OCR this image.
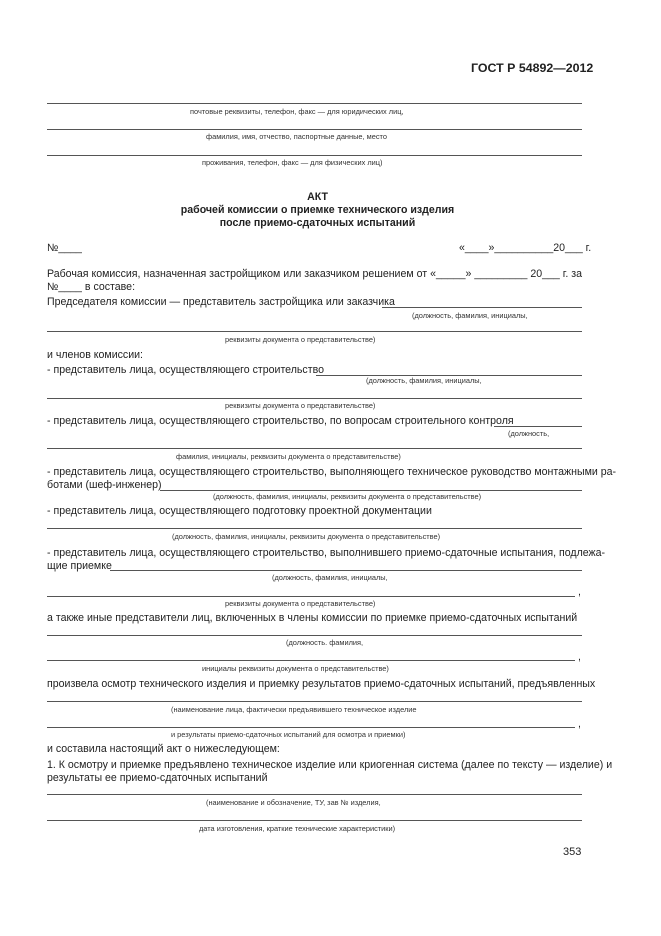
ГОСТ Р 54892—2012
почтовые реквизиты, телефон, факс — для юридических лиц,
фамилия, имя, отчество, паспортные данные, место
проживания, телефон, факс — для физических лиц)
АКТ
рабочей комиссии о приемке технического изделия
после приемо-сдаточных испытаний
№____	«____»__________20___ г.
Рабочая комиссия, назначенная застройщиком или заказчиком решением от «_____» _________ 20___ г. за
№____ в составе:
Председателя комиссии — представитель застройщика или заказчика
(должность, фамилия, инициалы,
реквизиты документа о представительстве)
и членов комиссии:
- представитель лица, осуществляющего строительство
(должность, фамилия, инициалы,
реквизиты документа о представительстве)
- представитель лица, осуществляющего строительство, по вопросам строительного контроля
(должность,
фамилия, инициалы, реквизиты документа о представительстве)
- представитель лица, осуществляющего строительство, выполняющего техническое руководство монтажными ра-
ботами (шеф-инженер)
(должность, фамилия, инициалы, реквизиты документа о представительстве)
- представитель лица, осуществляющего подготовку проектной документации
(должность, фамилия, инициалы, реквизиты документа о представительстве)
- представитель лица, осуществляющего строительство, выполнившего приемо-сдаточные испытания, подлежа-
щие приемке
(должность, фамилия, инициалы,
,
реквизиты документа о представительстве)
а также иные представители лиц, включенных в члены комиссии по приемке приемо-сдаточных испытаний
(должность. фамилия,
,
инициалы реквизиты документа о представительстве)
произвела осмотр технического изделия и приемку результатов приемо-сдаточных испытаний, предъявленных
(наименование лица, фактически предъявившего техническое изделие
,
и результаты приемо-сдаточных испытаний для осмотра и приемки)
и составила настоящий акт о нижеследующем:
1. К осмотру и приемке предъявлено техническое изделие или криогенная система (далее по тексту — изделие) и
результаты ее приемо-сдаточных испытаний
(наименование и обозначение, ТУ, зав № изделия,
дата изготовления, краткие технические характеристики)
353
